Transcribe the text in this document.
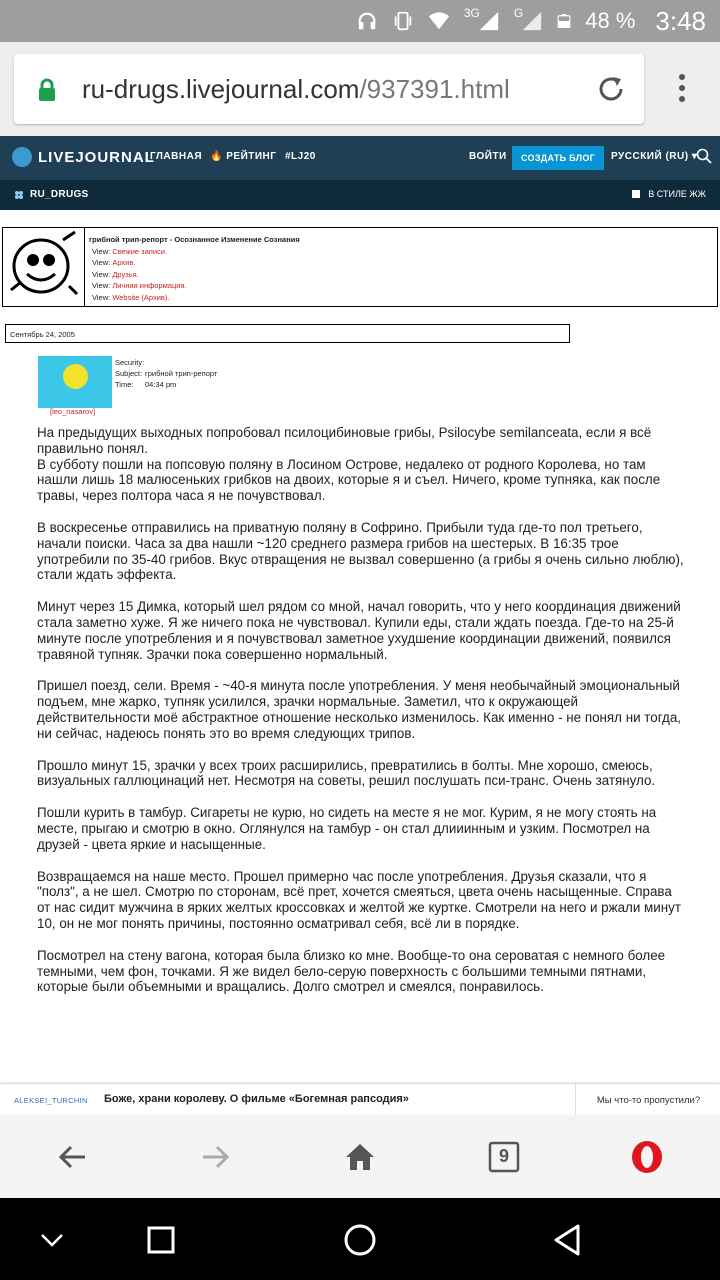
3G	G	48 % 3:48
ru-drugs.livejournal.com/937391.html
LIVEJOURNAL
ГЛАВНАЯ 🔥 РЕЙТИНГ #LJ20	ВОЙТИ	СОЗДАТЬ БЛОГ	РУССКИЙ (RU) ▾
RU_DRUGS	В СТИЛЕ ЖЖ
грибной трип-репорт - Осознанное Изменение Сознания
View: Свежие записи.
View: Архив.
View: Друзья.
View: Личная информация.
View: Website (Архив).
Сентябрь 24, 2005
[leo_nasarov]
Security:
Subject: грибной трип-репорт
Time: 04:34 pm

На предыдущих выходных попробовал псилоцибиновые грибы, Psilocybe semilanceata, если я всё правильно понял.
В субботу пошли на попсовую поляну в Лосином Острове, недалеко от родного Королева, но там нашли лишь 18 малюсеньких грибков на двоих, которые я и съел. Ничего, кроме тупняка, как после травы, через полтора часа я не почувствовал.

В воскресенье отправились на приватную поляну в Софрино. Прибыли туда где-то пол третьего, начали поиски. Часа за два нашли ~120 среднего размера грибов на шестерых. В 16:35 трое употребили по 35-40 грибов. Вкус отвращения не вызвал совершенно (а грибы я очень сильно люблю), стали ждать эффекта.

Минут через 15 Димка, который шел рядом со мной, начал говорить, что у него координация движений стала заметно хуже. Я же ничего пока не чувствовал. Купили еды, стали ждать поезда. Где-то на 25-й минуте после употребления и я почувствовал заметное ухудшение координации движений, появился травяной тупняк. Зрачки пока совершенно нормальный.

Пришел поезд, сели. Время - ~40-я минута после употребления. У меня необычайный эмоциональный подъем, мне жарко, тупняк усилился, зрачки нормальные. Заметил, что к окружающей действительности моё абстрактное отношение несколько изменилось. Как именно - не понял ни тогда, ни сейчас, надеюсь понять это во время следующих трипов.

Прошло минут 15, зрачки у всех троих расширились, превратились в болты. Мне хорошо, смеюсь, визуальных галлюцинаций нет. Несмотря на советы, решил послушать пси-транс. Очень затянуло.

Пошли курить в тамбур. Сигареты не курю, но сидеть на месте я не мог. Курим, я не могу стоять на месте, прыгаю и смотрю в окно. Оглянулся на тамбур - он стал длииинным и узким. Посмотрел на друзей - цвета яркие и насыщенные.

Возвращаемся на наше место. Прошел примерно час после употребления. Друзья сказали, что я "полз", а не шел. Смотрю по сторонам, всё прет, хочется смеяться, цвета очень насыщенные. Справа от нас сидит мужчина в ярких желтых кроссовках и желтой же куртке. Смотрели на него и ржали минут 10, он не мог понять причины, постоянно осматривал себя, всё ли в порядке.

Посмотрел на стену вагона, которая была близко ко мне. Вообще-то она сероватая с немного более темными, чем фон, точками. Я же видел бело-серую поверхность с большими темными пятнами, которые были объемными и вращались. Долго смотрел и смеялся, понравилось.

ALEKSEI_TURCHIN Боже, храни королеву. О фильме «Богемная рапсодия»	Мы что-то пропустили?
9
